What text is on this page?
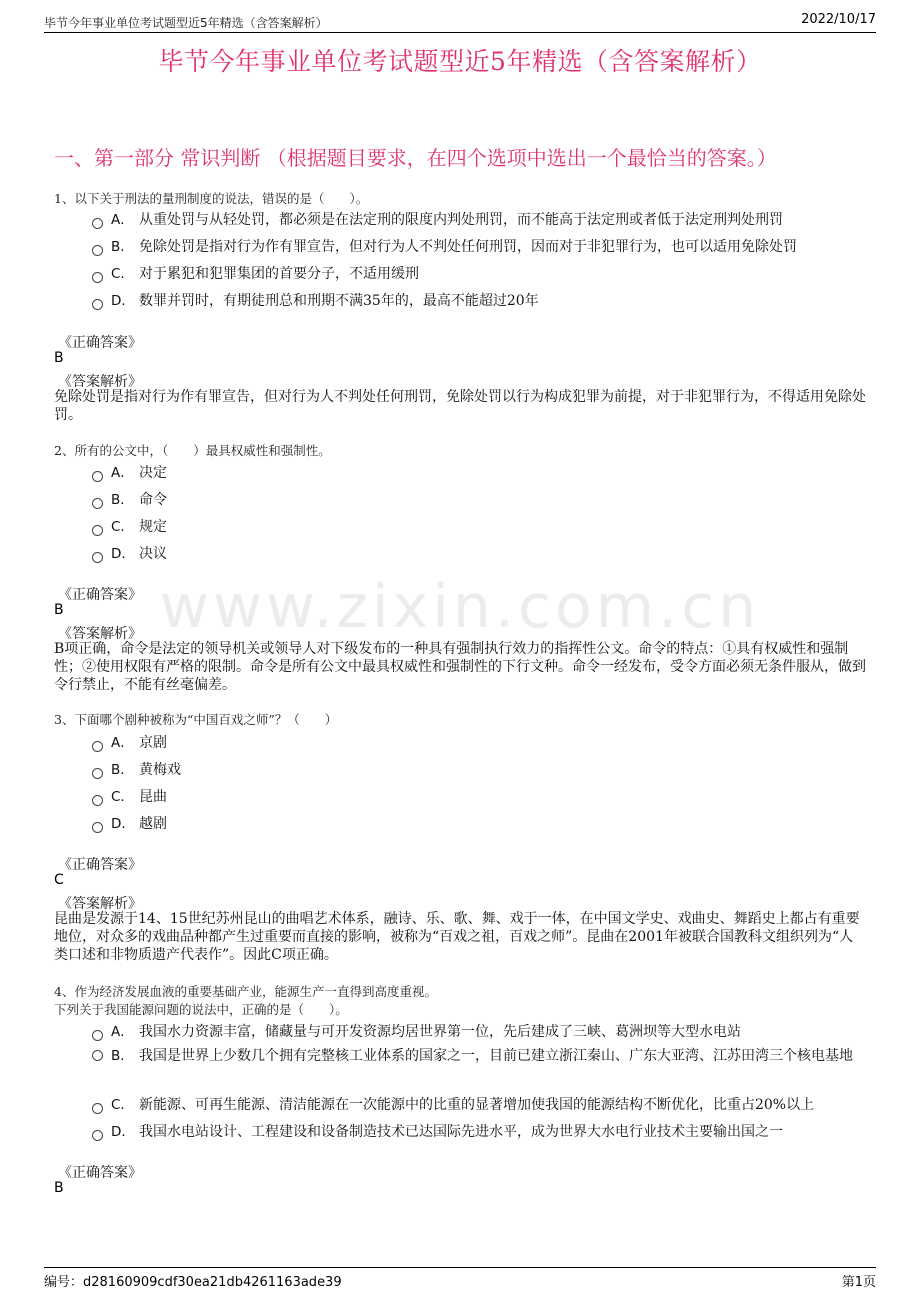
毕节今年事业单位考试题型近5年精选（含答案解析）	2022/10/17
www.zixin.com.cn
毕节今年事业单位考试题型近5年精选（含答案解析）
一、第一部分 常识判断 （根据题目要求，在四个选项中选出一个最恰当的答案。）
1、以下关于刑法的量刑制度的说法，错误的是（　　）。
A． 从重处罚与从轻处罚，都必须是在法定刑的限度内判处刑罚，而不能高于法定刑或者低于法定刑判处刑罚
B． 免除处罚是指对行为作有罪宣告，但对行为人不判处任何刑罚，因而对于非犯罪行为，也可以适用免除处罚
C． 对于累犯和犯罪集团的首要分子，不适用缓刑
D． 数罪并罚时，有期徒刑总和刑期不满35年的，最高不能超过20年
《正确答案》
B
《答案解析》
免除处罚是指对行为作有罪宣告，但对行为人不判处任何刑罚，免除处罚以行为构成犯罪为前提，对于非犯罪行为，不得适用免除处罚。
2、所有的公文中，（　　）最具权威性和强制性。
A． 决定
B． 命令
C． 规定
D． 决议
《正确答案》
B
《答案解析》
B项正确，命令是法定的领导机关或领导人对下级发布的一种具有强制执行效力的指挥性公文。命令的特点：①具有权威性和强制性；②使用权限有严格的限制。命令是所有公文中最具权威性和强制性的下行文种。命令一经发布，受令方面必须无条件服从，做到令行禁止，不能有丝毫偏差。
3、下面哪个剧种被称为“中国百戏之师”？（　　）
A． 京剧
B． 黄梅戏
C． 昆曲
D． 越剧
《正确答案》
C
《答案解析》
昆曲是发源于14、15世纪苏州昆山的曲唱艺术体系，融诗、乐、歌、舞、戏于一体，在中国文学史、戏曲史、舞蹈史上都占有重要地位，对众多的戏曲品种都产生过重要而直接的影响，被称为“百戏之祖，百戏之师”。昆曲在2001年被联合国教科文组织列为“人类口述和非物质遗产代表作”。因此C项正确。
4、作为经济发展血液的重要基础产业，能源生产一直得到高度重视。
下列关于我国能源问题的说法中，正确的是（　　）。
A． 我国水力资源丰富，储藏量与可开发资源均居世界第一位，先后建成了三峡、葛洲坝等大型水电站
B． 我国是世界上少数几个拥有完整核工业体系的国家之一，目前已建立浙江秦山、广东大亚湾、江苏田湾三个核电基地
C． 新能源、可再生能源、清洁能源在一次能源中的比重的显著增加使我国的能源结构不断优化，比重占20%以上
D． 我国水电站设计、工程建设和设备制造技术已达国际先进水平，成为世界大水电行业技术主要输出国之一
《正确答案》
B
编号：d28160909cdf30ea21db4261163ade39	第1页
